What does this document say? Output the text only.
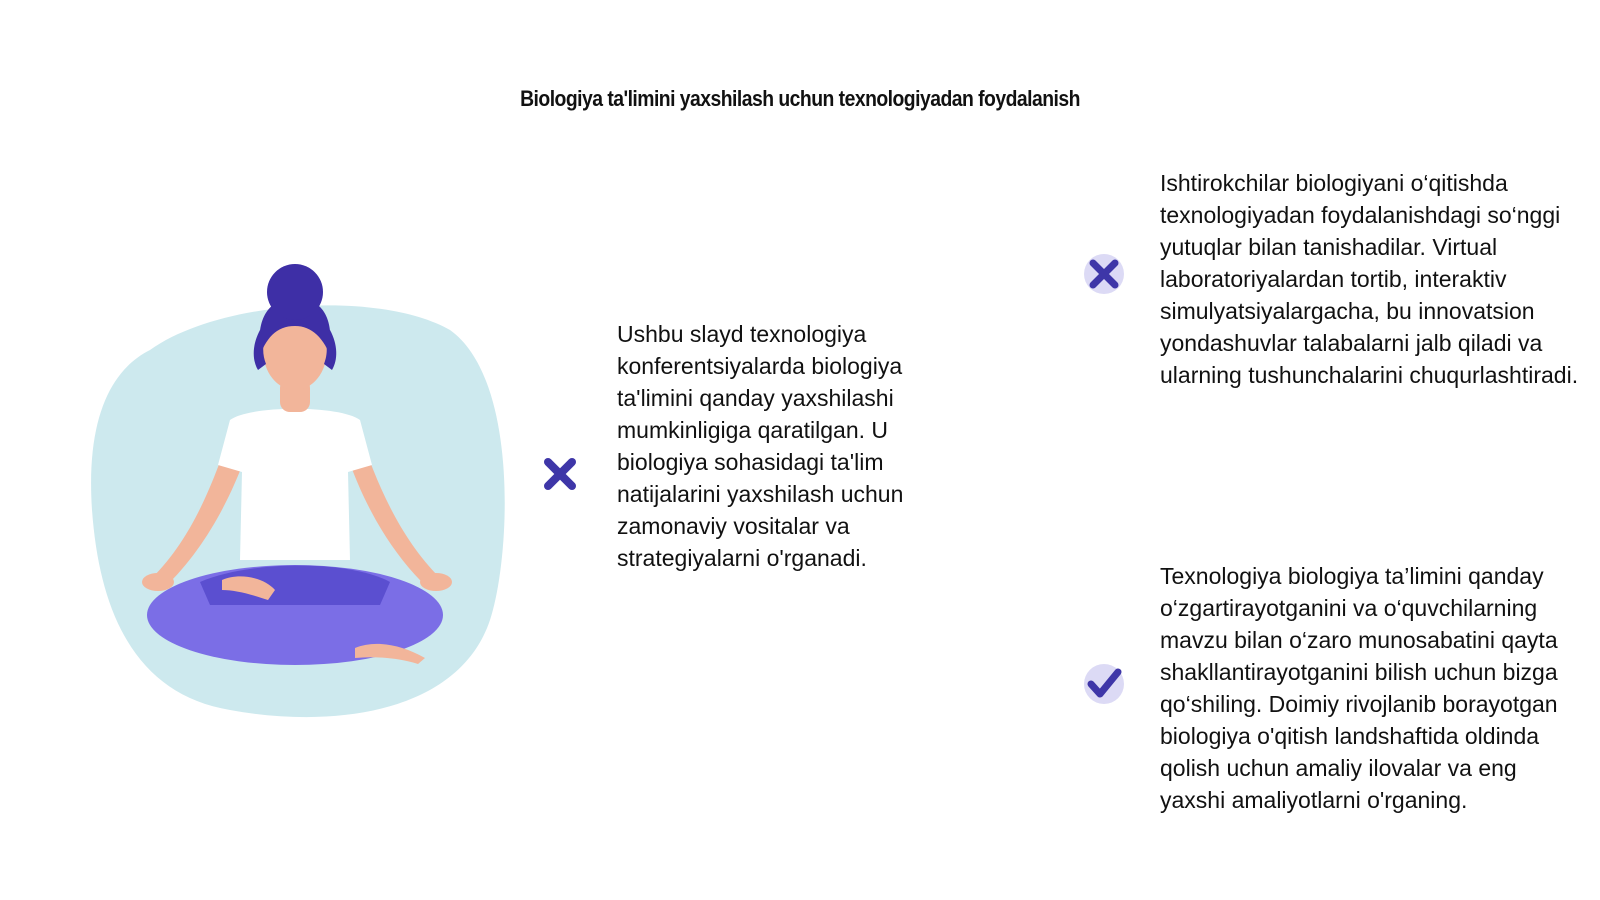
Biologiya ta'limini yaxshilash uchun texnologiyadan foydalanish

Ushbu slayd texnologiya konferentsiyalarda biologiya ta'limini qanday yaxshilashi mumkinligiga qaratilgan. U biologiya sohasidagi ta'lim natijalarini yaxshilash uchun zamonaviy vositalar va strategiyalarni o'rganadi.

Ishtirokchilar biologiyani o‘qitishda texnologiyadan foydalanishdagi so‘nggi yutuqlar bilan tanishadilar. Virtual laboratoriyalardan tortib, interaktiv simulyatsiyalargacha, bu innovatsion yondashuvlar talabalarni jalb qiladi va ularning tushunchalarini chuqurlashtiradi.

Texnologiya biologiya ta’limini qanday o‘zgartirayotganini va o‘quvchilarning mavzu bilan o‘zaro munosabatini qayta shakllantirayotganini bilish uchun bizga qo‘shiling. Doimiy rivojlanib borayotgan biologiya o'qitish landshaftida oldinda qolish uchun amaliy ilovalar va eng yaxshi amaliyotlarni o'rganing.
